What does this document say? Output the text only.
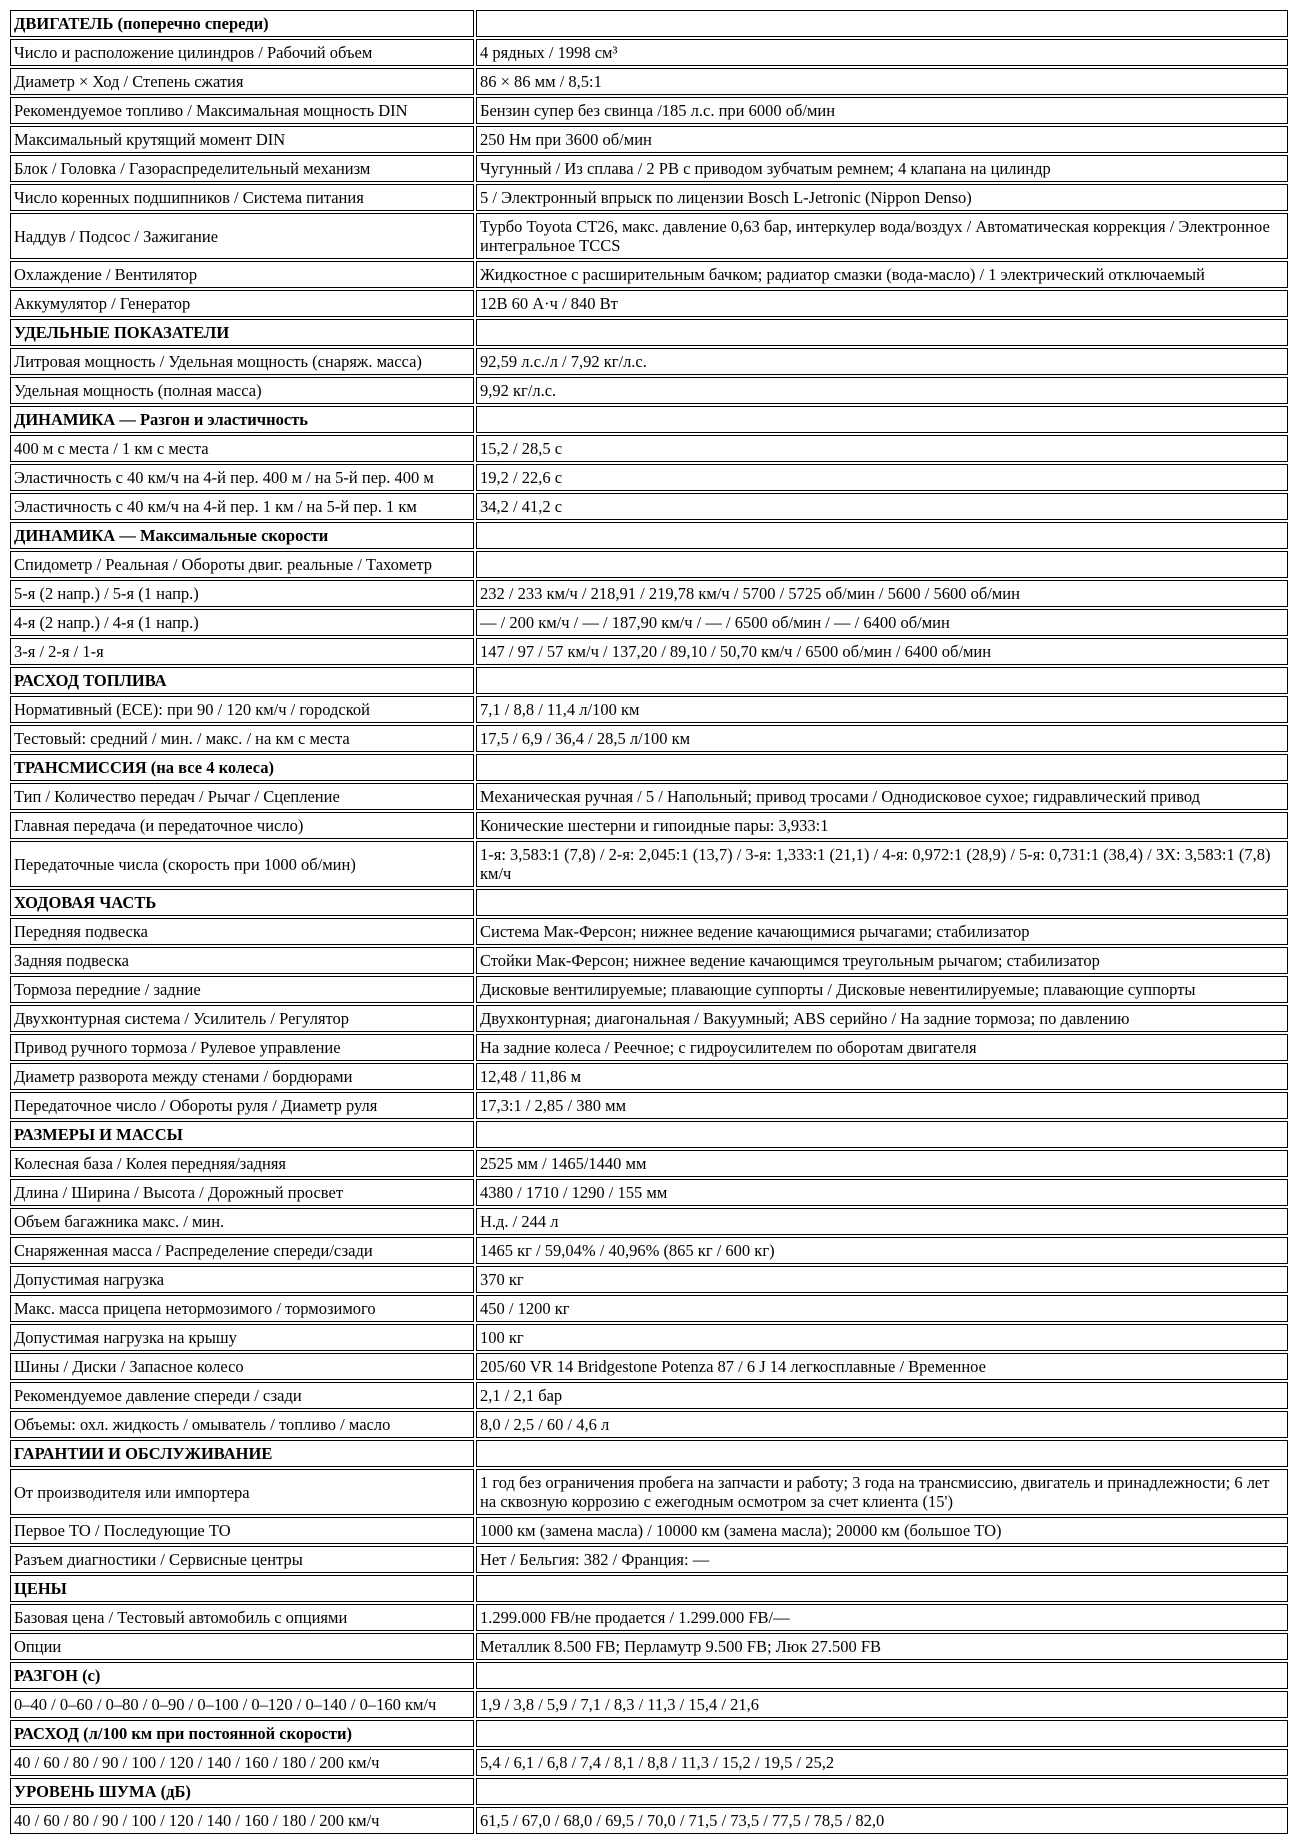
ДВИГАТЕЛЬ (поперечно спереди)	
Число и расположение цилиндров / Рабочий объем	4 рядных / 1998 см³
Диаметр × Ход / Степень сжатия	86 × 86 мм / 8,5:1
Рекомендуемое топливо / Максимальная мощность DIN	Бензин супер без свинца /185 л.с. при 6000 об/мин
Максимальный крутящий момент DIN	250 Нм при 3600 об/мин
Блок / Головка / Газораспределительный механизм	Чугунный / Из сплава / 2 РВ с приводом зубчатым ремнем; 4 клапана на цилиндр
Число коренных подшипников / Система питания	5 / Электронный впрыск по лицензии Bosch L-Jetronic (Nippon Denso)
Наддув / Подсос / Зажигание	Турбо Toyota CT26, макс. давление 0,63 бар, интеркулер вода/воздух / Автоматическая коррекция / Электронное интегральное TCCS
Охлаждение / Вентилятор	Жидкостное с расширительным бачком; радиатор смазки (вода-масло) / 1 электрический отключаемый
Аккумулятор / Генератор	12В 60 А·ч / 840 Вт
УДЕЛЬНЫЕ ПОКАЗАТЕЛИ	
Литровая мощность / Удельная мощность (снаряж. масса)	92,59 л.с./л / 7,92 кг/л.с.
Удельная мощность (полная масса)	9,92 кг/л.с.
ДИНАМИКА — Разгон и эластичность	
400 м с места / 1 км с места	15,2 / 28,5 с
Эластичность с 40 км/ч на 4-й пер. 400 м / на 5-й пер. 400 м	19,2 / 22,6 с
Эластичность с 40 км/ч на 4-й пер. 1 км / на 5-й пер. 1 км	34,2 / 41,2 с
ДИНАМИКА — Максимальные скорости	
Спидометр / Реальная / Обороты двиг. реальные / Тахометр	
5-я (2 напр.) / 5-я (1 напр.)	232 / 233 км/ч / 218,91 / 219,78 км/ч / 5700 / 5725 об/мин / 5600 / 5600 об/мин
4-я (2 напр.) / 4-я (1 напр.)	— / 200 км/ч / — / 187,90 км/ч / — / 6500 об/мин / — / 6400 об/мин
3-я / 2-я / 1-я	147 / 97 / 57 км/ч / 137,20 / 89,10 / 50,70 км/ч / 6500 об/мин / 6400 об/мин
РАСХОД ТОПЛИВА	
Нормативный (ЕСЕ): при 90 / 120 км/ч / городской	7,1 / 8,8 / 11,4 л/100 км
Тестовый: средний / мин. / макс. / на км с места	17,5 / 6,9 / 36,4 / 28,5 л/100 км
ТРАНСМИССИЯ (на все 4 колеса)	
Тип / Количество передач / Рычаг / Сцепление	Механическая ручная / 5 / Напольный; привод тросами / Однодисковое сухое; гидравлический привод
Главная передача (и передаточное число)	Конические шестерни и гипоидные пары: 3,933:1
Передаточные числа (скорость при 1000 об/мин)	1-я: 3,583:1 (7,8) / 2-я: 2,045:1 (13,7) / 3-я: 1,333:1 (21,1) / 4-я: 0,972:1 (28,9) / 5-я: 0,731:1 (38,4) / ЗХ: 3,583:1 (7,8) км/ч
ХОДОВАЯ ЧАСТЬ	
Передняя подвеска	Система Мак-Ферсон; нижнее ведение качающимися рычагами; стабилизатор
Задняя подвеска	Стойки Мак-Ферсон; нижнее ведение качающимся треугольным рычагом; стабилизатор
Тормоза передние / задние	Дисковые вентилируемые; плавающие суппорты / Дисковые невентилируемые; плавающие суппорты
Двухконтурная система / Усилитель / Регулятор	Двухконтурная; диагональная / Вакуумный; ABS серийно / На задние тормоза; по давлению
Привод ручного тормоза / Рулевое управление	На задние колеса / Реечное; с гидроусилителем по оборотам двигателя
Диаметр разворота между стенами / бордюрами	12,48 / 11,86 м
Передаточное число / Обороты руля / Диаметр руля	17,3:1 / 2,85 / 380 мм
РАЗМЕРЫ И МАССЫ	
Колесная база / Колея передняя/задняя	2525 мм / 1465/1440 мм
Длина / Ширина / Высота / Дорожный просвет	4380 / 1710 / 1290 / 155 мм
Объем багажника макс. / мин.	Н.д. / 244 л
Снаряженная масса / Распределение спереди/сзади	1465 кг / 59,04% / 40,96% (865 кг / 600 кг)
Допустимая нагрузка	370 кг
Макс. масса прицепа нетормозимого / тормозимого	450 / 1200 кг
Допустимая нагрузка на крышу	100 кг
Шины / Диски / Запасное колесо	205/60 VR 14 Bridgestone Potenza 87 / 6 J 14 легкосплавные / Временное
Рекомендуемое давление спереди / сзади	2,1 / 2,1 бар
Объемы: охл. жидкость / омыватель / топливо / масло	8,0 / 2,5 / 60 / 4,6 л
ГАРАНТИИ И ОБСЛУЖИВАНИЕ	
От производителя или импортера	1 год без ограничения пробега на запчасти и работу; 3 года на трансмиссию, двигатель и принадлежности; 6 лет на сквозную коррозию с ежегодным осмотром за счет клиента (15')
Первое ТО / Последующие ТО	1000 км (замена масла) / 10000 км (замена масла); 20000 км (большое ТО)
Разъем диагностики / Сервисные центры	Нет / Бельгия: 382 / Франция: —
ЦЕНЫ	
Базовая цена / Тестовый автомобиль с опциями	1.299.000 FB/не продается / 1.299.000 FB/—
Опции	Металлик 8.500 FB; Перламутр 9.500 FB; Люк 27.500 FB
РАЗГОН (с)	
0–40 / 0–60 / 0–80 / 0–90 / 0–100 / 0–120 / 0–140 / 0–160 км/ч	1,9 / 3,8 / 5,9 / 7,1 / 8,3 / 11,3 / 15,4 / 21,6
РАСХОД (л/100 км при постоянной скорости)	
40 / 60 / 80 / 90 / 100 / 120 / 140 / 160 / 180 / 200 км/ч	5,4 / 6,1 / 6,8 / 7,4 / 8,1 / 8,8 / 11,3 / 15,2 / 19,5 / 25,2
УРОВЕНЬ ШУМА (дБ)	
40 / 60 / 80 / 90 / 100 / 120 / 140 / 160 / 180 / 200 км/ч	61,5 / 67,0 / 68,0 / 69,5 / 70,0 / 71,5 / 73,5 / 77,5 / 78,5 / 82,0
